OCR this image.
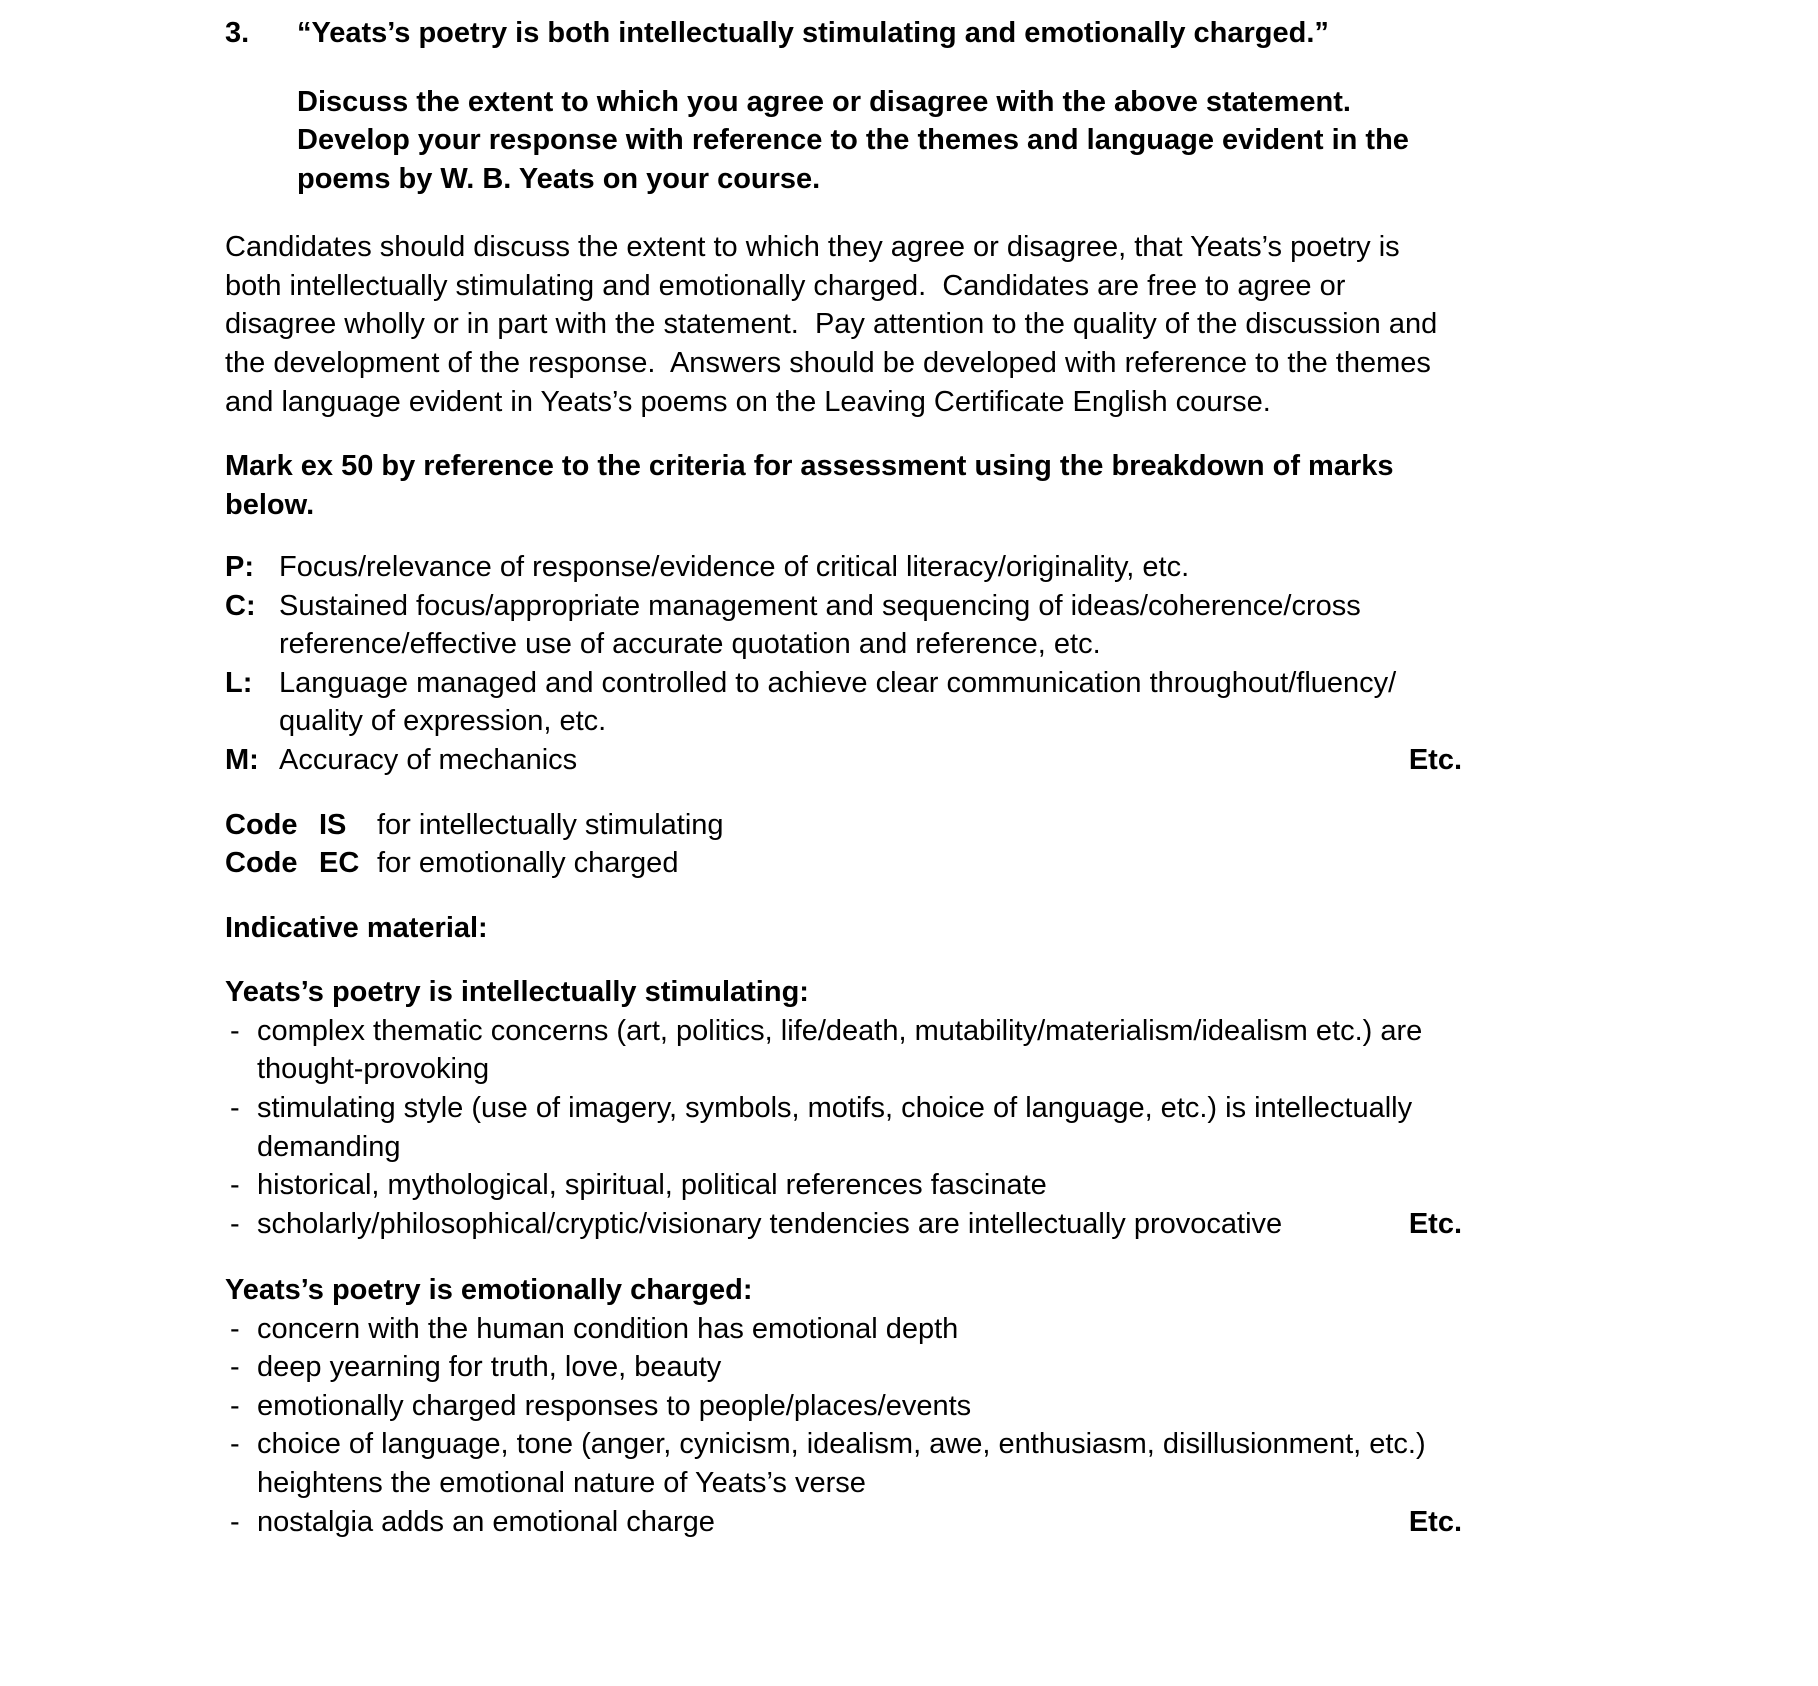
3.	“Yeats’s poetry is both intellectually stimulating and emotionally charged.”
Discuss the extent to which you agree or disagree with the above statement.  Develop your response with reference to the themes and language evident in the poems by W. B. Yeats on your course.

Candidates should discuss the extent to which they agree or disagree, that Yeats’s poetry is both intellectually stimulating and emotionally charged.  Candidates are free to agree or disagree wholly or in part with the statement.  Pay attention to the quality of the discussion and the development of the response.  Answers should be developed with reference to the themes and language evident in Yeats’s poems on the Leaving Certificate English course.

Mark ex 50 by reference to the criteria for assessment using the breakdown of marks below.

P: Focus/relevance of response/evidence of critical literacy/originality, etc.
C: Sustained focus/appropriate management and sequencing of ideas/coherence/cross reference/effective use of accurate quotation and reference, etc.
L: Language managed and controlled to achieve clear communication throughout/fluency/ quality of expression, etc.
M: Accuracy of mechanics	Etc.
Code IS	for intellectually stimulating
Code EC for emotionally charged

Indicative material:

Yeats’s poetry is intellectually stimulating:
- complex thematic concerns (art, politics, life/death, mutability/materialism/idealism etc.) are thought-provoking
- stimulating style (use of imagery, symbols, motifs, choice of language, etc.) is intellectually demanding
- historical, mythological, spiritual, political references fascinate
- scholarly/philosophical/cryptic/visionary tendencies are intellectually provocative	Etc.
Yeats’s poetry is emotionally charged:
- concern with the human condition has emotional depth
- deep yearning for truth, love, beauty
- emotionally charged responses to people/places/events
- choice of language, tone (anger, cynicism, idealism, awe, enthusiasm, disillusionment, etc.) heightens the emotional nature of Yeats’s verse
- nostalgia adds an emotional charge	Etc.
